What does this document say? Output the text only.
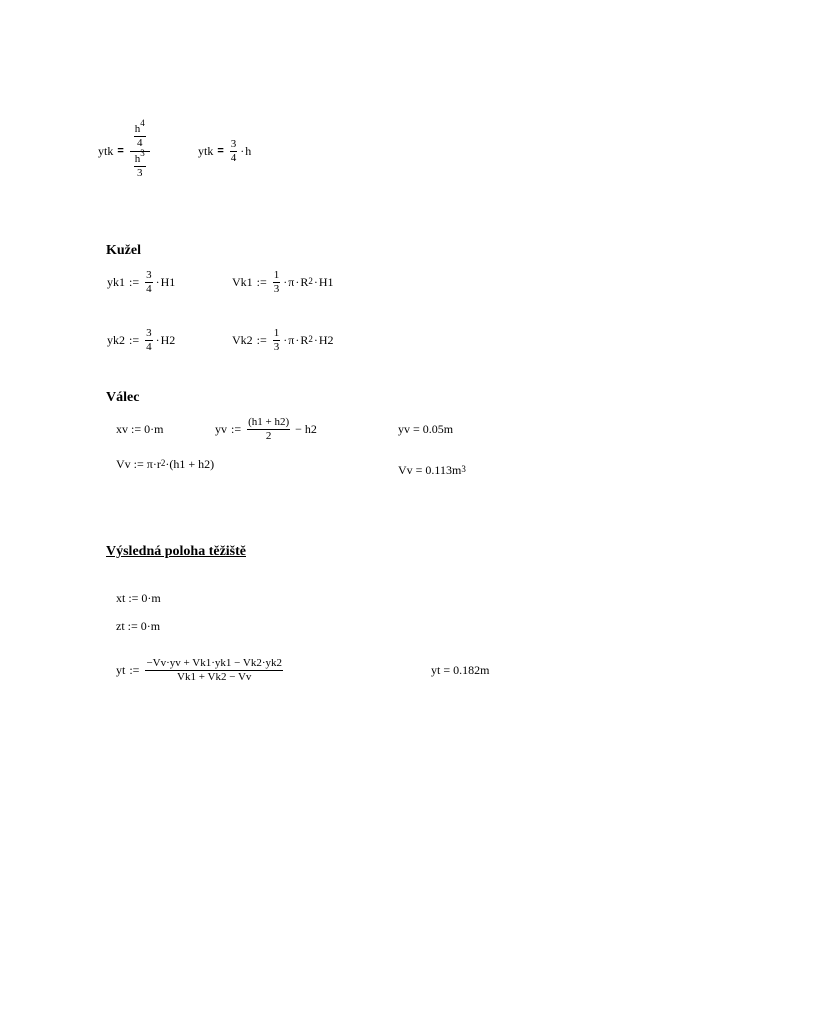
ytk = $\frac{\frac{h^4}{4}}{\frac{h^3}{3}}$	ytk = $\frac{3}{4} \cdot h$
Kužel
yk1 := $\frac{3}{4} \cdot H1$	Vk1 := $\frac{1}{3} \cdot \pi \cdot R^2 \cdot H1$
yk2 := $\frac{3}{4} \cdot H2$	Vk2 := $\frac{1}{3} \cdot \pi \cdot R^2 \cdot H2$
Válec
xv := 0·m	yv := $\frac{(h1 + h2)}{2} - h2$	yv = 0.05m
Vv := $\pi\cdot r^2 \cdot(h1 + h2)$	$Vv = 0.113m^3$
Výsledná poloha těžiště
xt := 0·m
zt := 0·m
yt := $\frac{-Vv\cdot yv + Vk1\cdot yk1 - Vk2\cdot yk2}{Vk1 + Vk2 - Vv}$	yt = 0.182m
